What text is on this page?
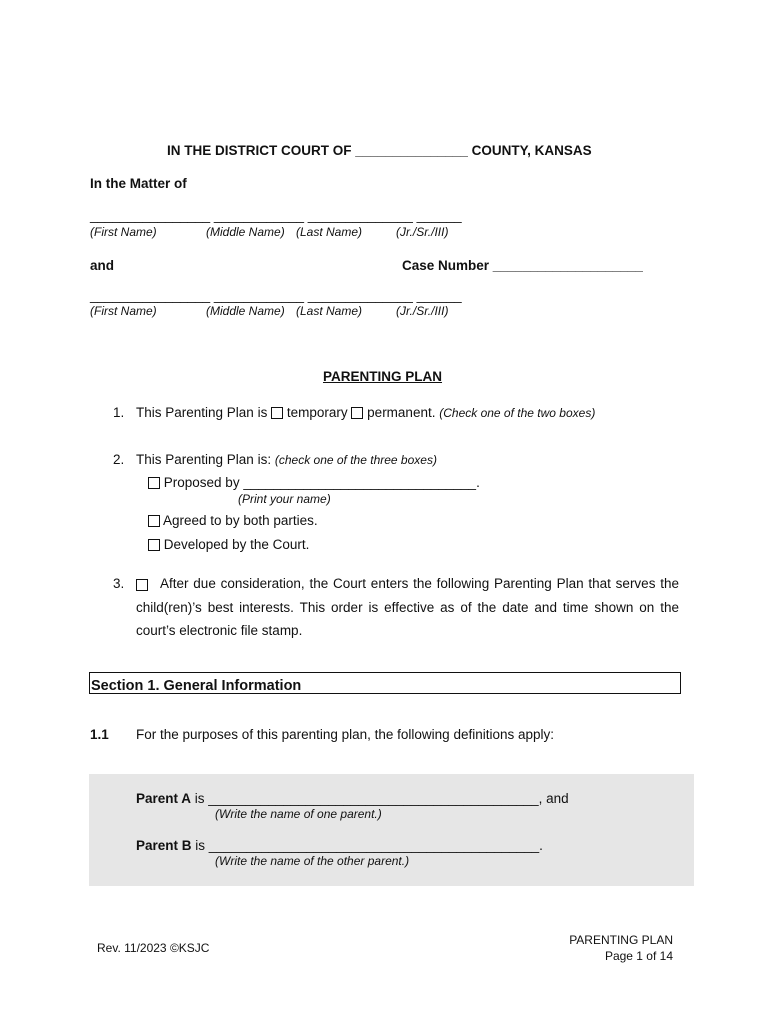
IN THE DISTRICT COURT OF _______________ COUNTY, KANSAS
In the Matter of
________________ ____________ ______________ ______
(First Name)	(Middle Name) (Last Name)	(Jr./Sr./III)
and	Case Number ____________________
________________ ____________ ______________ ______
(First Name)	(Middle Name) (Last Name)	(Jr./Sr./III)
PARENTING PLAN
1. This Parenting Plan is temporary permanent. (Check one of the two boxes)
2. This Parenting Plan is: (check one of the three boxes)
Proposed by _______________________________.
(Print your name)
Agreed to by both parties.
Developed by the Court.
3.	After due consideration, the Court enters the following Parenting Plan that serves the child(ren)’s best interests. This order is effective as of the date and time shown on the court’s electronic file stamp.
Section 1. General Information
1.1 For the purposes of this parenting plan, the following definitions apply:
Parent A is ____________________________________________, and
(Write the name of one parent.)
Parent B is ____________________________________________.
(Write the name of the other parent.)
Rev. 11/2023 ©KSJC
PARENTING PLAN
Page 1 of 14
